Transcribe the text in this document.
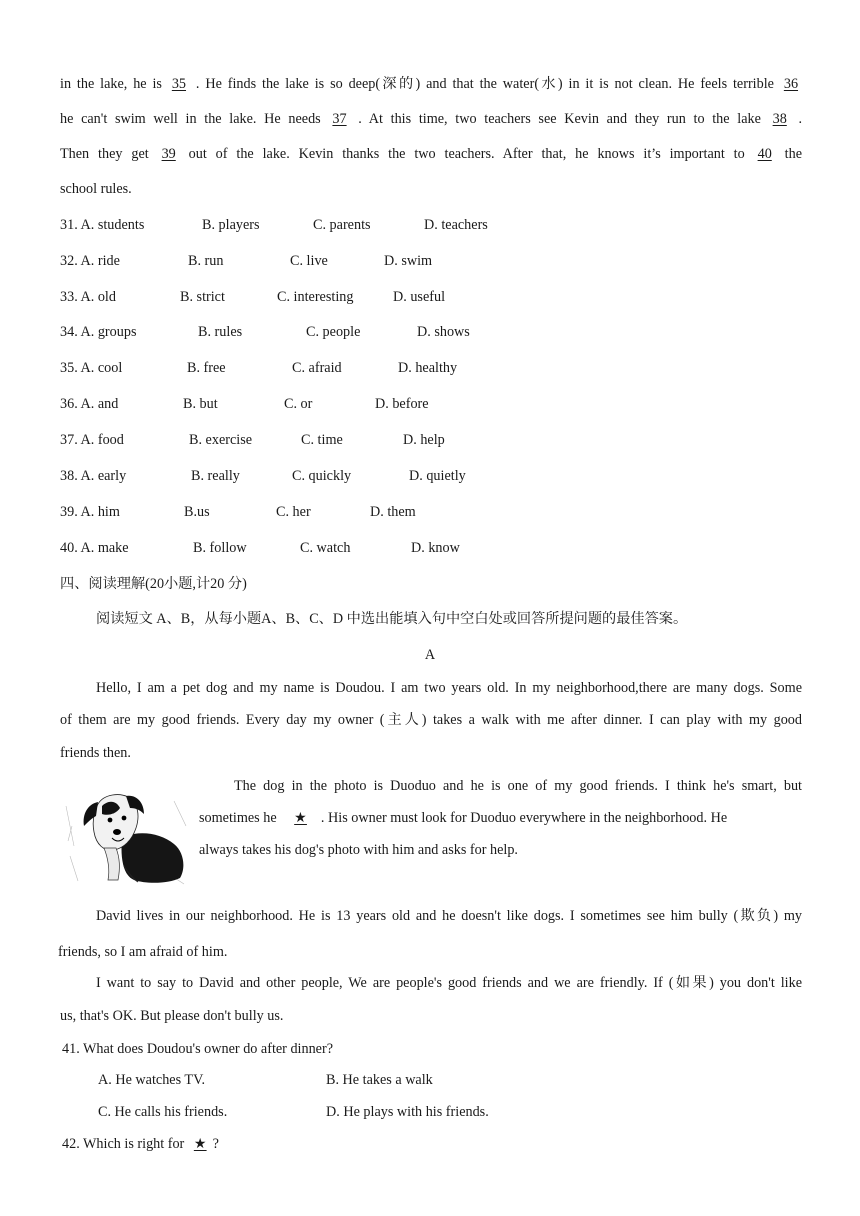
in the lake, he is 35 . He finds the lake is so deep(深的) and that the water(水) in it is not clean. He feels terrible 36
he can't swim well in the lake. He needs 37 . At this time, two teachers see Kevin and they run to the lake 38 .
Then they get 39 out of the lake. Kevin thanks the two teachers. After that, he knows it’s important to 40 the
school rules.
31. A. students	B. players	C. parents	D. teachers
32. A. ride	B. run	C. live	D. swim
33. A. old	B. strict	C. interesting	D. useful
34. A. groups	B. rules	C. people	D. shows
35. A. cool	B. free	C. afraid	D. healthy
36. A. and	B. but	C. or	D. before
37. A. food	B. exercise	C. time	D. help
38. A. early	B. really	C. quickly	D. quietly
39. A. him	B.us	C. her	D. them
40. A. make	B. follow	C. watch	D. know
四、阅读理解(20小题,计20 分)
阅读短文 A、B，从每小题A、B、C、D 中选出能填入句中空白处或回答所提问题的最佳答案。
A
Hello, I am a pet dog and my name is Doudou. I am two years old. In my neighborhood,there are many dogs. Some
of them are my good friends. Every day my owner (主人) takes a walk with me after dinner. I can play with my good
friends then.
The dog in the photo is Duoduo and he is one of my good friends. I think he's smart, but
sometimes he ★ . His owner must look for Duoduo everywhere in the neighborhood. He
always takes his dog's photo with him and asks for help.
David lives in our neighborhood. He is 13 years old and he doesn't like dogs. I sometimes see him bully (欺负) my
friends, so I am afraid of him.
I want to say to David and other people, We are people's good friends and we are friendly. If (如果) you don't like
us, that's OK. But please don't bully us.
41. What does Doudou's owner do after dinner?
A. He watches TV.	B. He takes a walk
C. He calls his friends.	D. He plays with his friends.
42. Which is right for ★ ?
